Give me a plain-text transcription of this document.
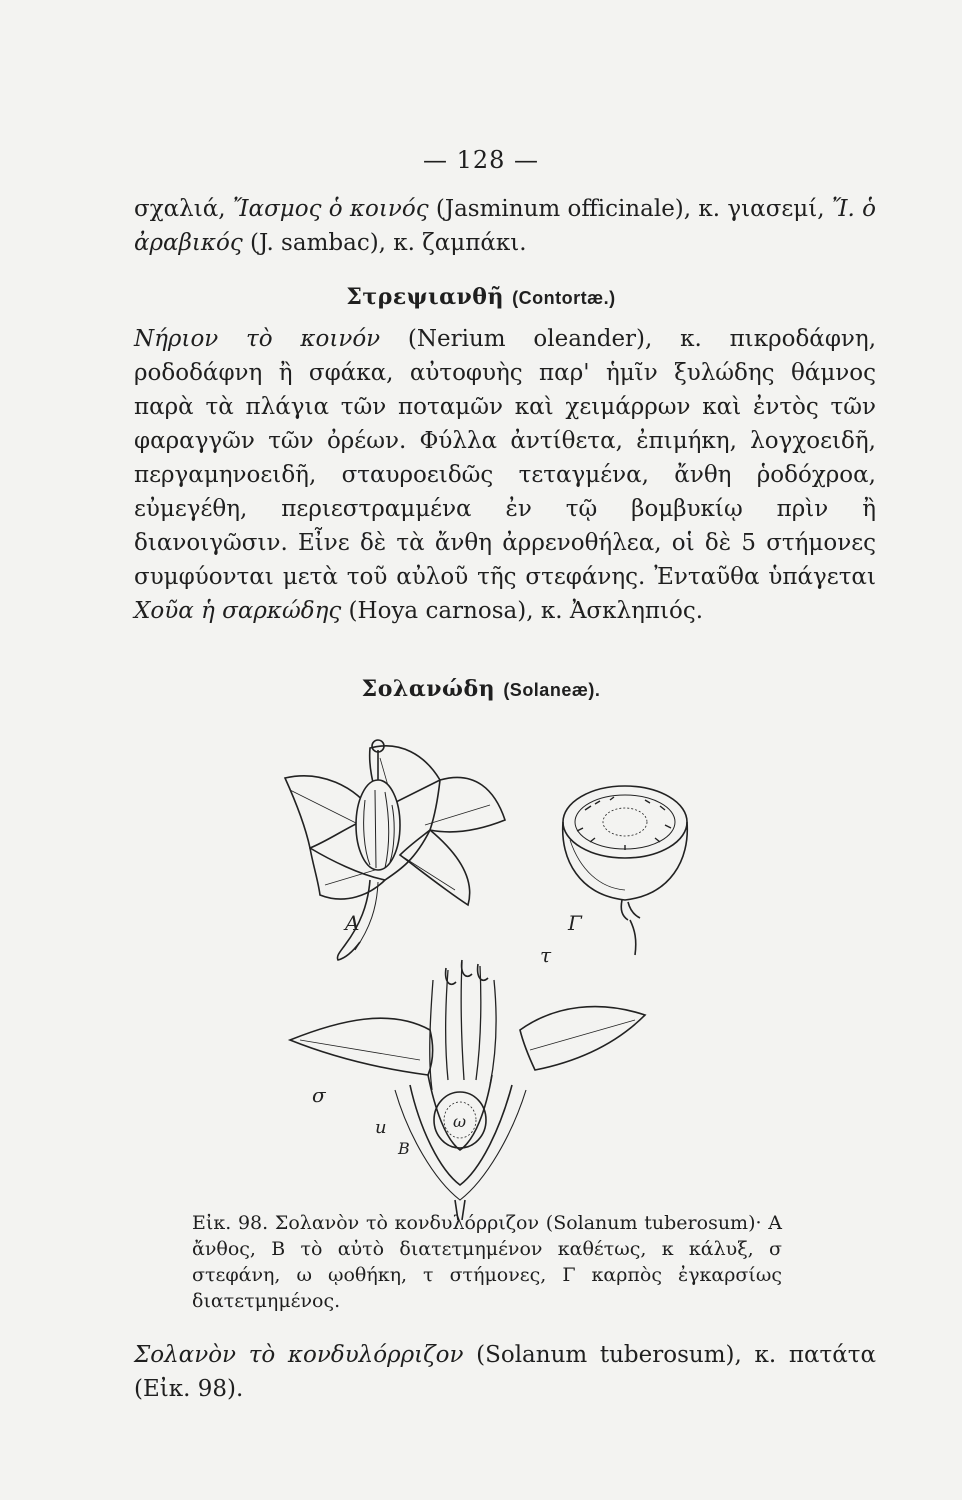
— 128 —
σχαλιά, Ἴασμος ὁ κοινός (Jasminum officinale), κ. γιασεμί, Ἴ. ὁ ἀραβικός (J. sambac), κ. ζαμπάκι.
Στρεψιανθῆ (Contortæ.)
Νήριον τὸ κοινόν (Nerium oleander), κ. πικροδάφνη, ροδοδάφνη ἢ σφάκα, αὐτοφυὴς παρ' ἡμῖν ξυλώδης θάμνος παρὰ τὰ πλάγια τῶν ποταμῶν καὶ χειμάρρων καὶ ἐντὸς τῶν φαραγγῶν τῶν ὀρέων. Φύλλα ἀντίθετα, ἐπιμήκη, λογχοειδῆ, περγαμηνοειδῆ, σταυροειδῶς τεταγμένα, ἄνθη ῥοδόχροα, εὐμεγέθη, περιεστραμμένα ἐν τῷ βομβυκίῳ πρὶν ἢ διανοιγῶσιν. Εἶνε δὲ τὰ ἄνθη ἀρρενοθήλεα, οἱ δὲ 5 στήμονες συμφύονται μετὰ τοῦ αὐλοῦ τῆς στεφάνης. Ἐνταῦθα ὑπάγεται Χοῦα ἡ σαρκώδης (Hoya carnosa), κ. Ἀσκληπιός.
Σολανώδη (Solaneæ).
Α	Γ
τ
σ
u
Β
ω
Εἰκ. 98. Σολανὸν τὸ κονδυλόρριζον (Solanum tuberosum)· Α ἄνθος, Β τὸ αὐτὸ διατετμημένον καθέτως, κ κάλυξ, σ στεφάνη, ω ῳοθήκη, τ στήμονες, Γ καρπὸς ἐγκαρσίως διατετμημένος.
Σολανὸν τὸ κονδυλόρριζον (Solanum tuberosum), κ. πατάτα (Εἰκ. 98).
